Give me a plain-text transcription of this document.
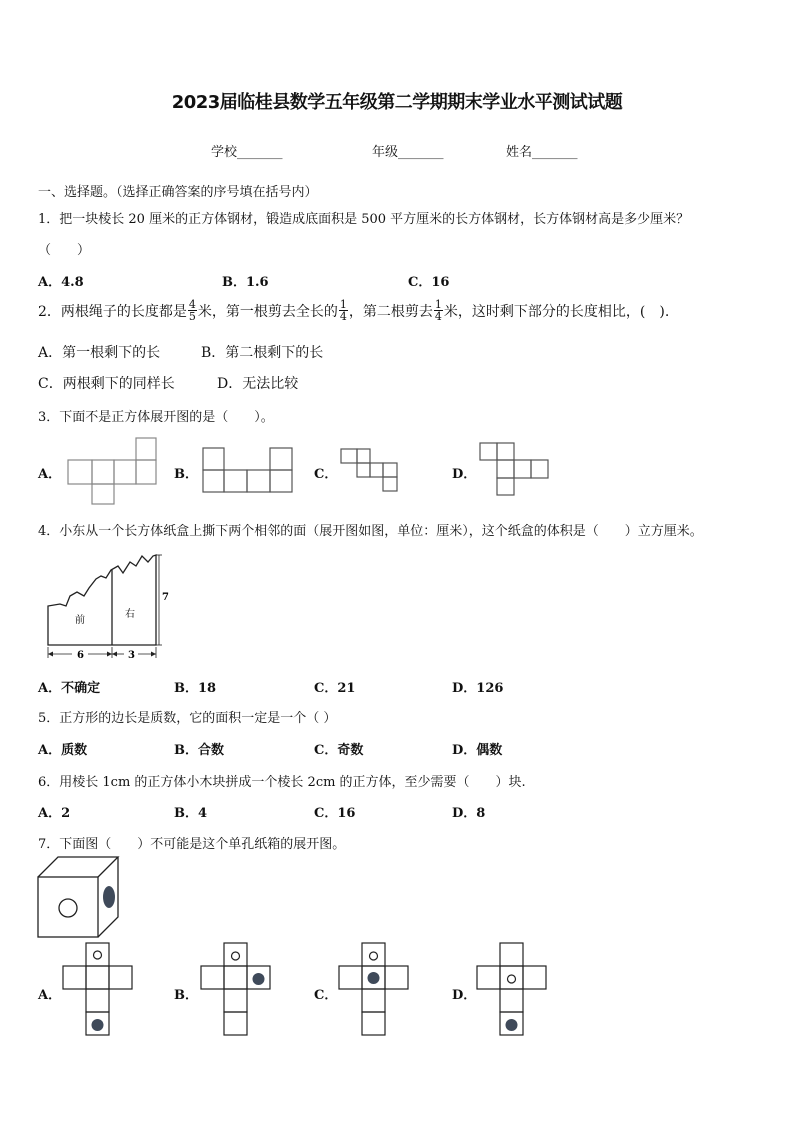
2023届临桂县数学五年级第二学期期末学业水平测试试题
学校_______	年级_______	姓名_______
一、选择题。（选择正确答案的序号填在括号内）
1．把一块棱长 20 厘米的正方体钢材，锻造成底面积是 500 平方厘米的长方体钢材，长方体钢材高是多少厘米？
（　　）
A．4.8	B．1.6	C．16
2．两根绳子的长度都是 $\frac{4}{5}$ 米，第一根剪去全长的 $\frac{1}{4}$ ，第二根剪去 $\frac{1}{4}$ 米，这时剩下部分的长度相比，(　).
A．第一根剩下的长	B．第二根剩下的长
C．两根剩下的同样长	D．无法比较
3．下面不是正方体展开图的是（　　）。
A．	B．	C．	D．
4．小东从一个长方体纸盒上撕下两个相邻的面（展开图如图，单位：厘米），这个纸盒的体积是（　　）立方厘米。
前
右
7
6	3
A．不确定	B．18	C．21	D．126
5．正方形的边长是质数，它的面积一定是一个（ ）
A．质数	B．合数	C．奇数	D．偶数
6．用棱长 1cm 的正方体小木块拼成一个棱长 2cm 的正方体，至少需要（　　）块.
A．2	B．4	C．16	D．8
7．下面图（　　）不可能是这个单孔纸箱的展开图。
A．	B．	C．	D．
